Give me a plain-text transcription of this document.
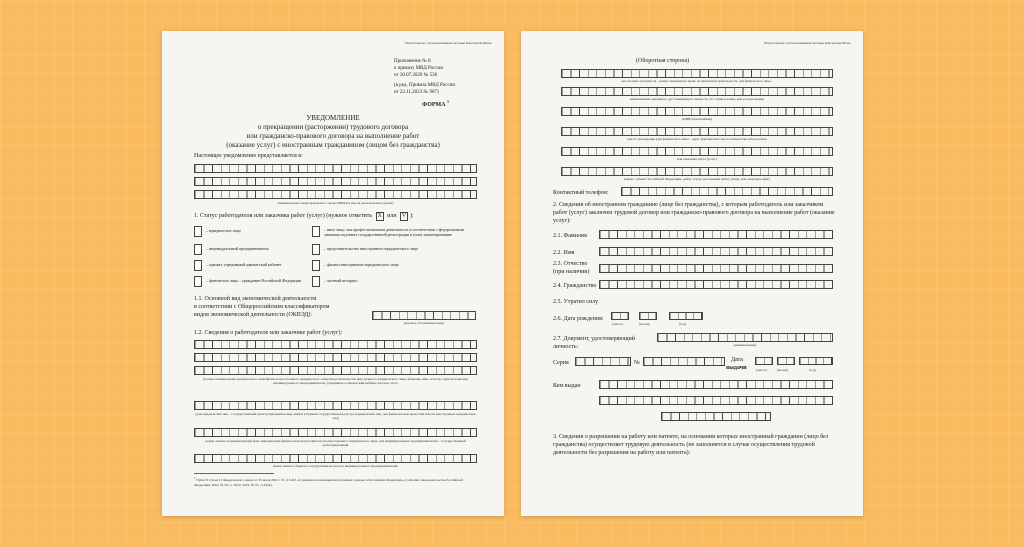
Подготовлено с использованием системы КонсультантПлюс
Приложение № 8
к приказу МВД России
от 30.07.2020 № 536
(в ред. Приказа МВД России
от 22.11.2023 № 987)
ФОРМА $^1$
УВЕДОМЛЕНИЕ
о прекращении (расторжении) трудового договора
или гражданско-правового договора на выполнение работ
(оказание услуг) с иностранным гражданином (лицом без гражданства)
Настоящее уведомление представляется в:
(наименование территориального органа МВД России на региональном уровне)
1. Статус работодателя или заказчика работ (услуг) (нужное отметить X или V ):
– юридическое лицо	– иное лицо, чья профессиональная деятельность в соответствии с федеральными законами подлежит государственной регистрации и (или) лицензированию
– индивидуальный предприниматель	– представительство иностранного юридического лица
– адвокат, учредивший адвокатский кабинет	– филиал иностранного юридического лица
– физическое лицо – гражданин Российской Федерации	– частный нотариус
1.1. Основной вид экономической деятельности
в соответствии с Общероссийским классификатором
видов экономической деятельности (ОКВЭД):
(кодовое обозначение вида)
1.2. Сведения о работодателе или заказчике работ (услуг):
(полное наименование юридического лица/филиала иностранного юридического лица/представительства иностранного юридического лица, фамилия, имя, отчество (при их наличии) индивидуального предпринимателя, учредившего адвокатский кабинет/частного нота
(для юридических лиц – государственный регистрационный номер записи в Едином государственном реестре юридических лиц, для филиалов или представительств иностранных юридических лиц)
номер записи, подтверждающей факт аккредитации филиала или представительства иностранного юридического лица, для индивидуальных предпринимателей – государственный регистрационный
номер записи в Едином государственном реестре индивидуальных предпринимателей,
$^1$ Пункт 8 статьи 13 Федерального закона от 25 июля 2002 г. № 115-ФЗ «О правовом положении иностранных граждан в Российской Федерации» (Собрание законодательства Российской Федерации, 2002, № 30, ст. 3032; 2019, № 33, ст.4454).
Подготовлено с использованием системы КонсультантПлюс
(Оборотная сторона)
для частных нотариусов – номер лицензии на право нотариальной деятельности, для физического лица –
наименование документа, удостоверяющего личность, его серия и номер, кем и когда выдан)
(ИНН (при наличии)
(место нахождения (для физического лица – адрес фактического места жительства работодателя
или заказчика работ (услуг)
индекс, субъект Российской Федерации, район, город, населенный пункт, улица, дом, квартира/офис)
Контактный телефон:
2. Сведения об иностранном гражданине (лице без гражданства), с которым работодатель или заказчиком работ (услуг) заключен трудовой договор или гражданско-правового договора на выполнение работ (оказание услуг):
2.1. Фамилия
2.2. Имя
2.3. Отчество
(при наличии)
2.4. Гражданство
2.5. Утратил силу
2.6. Дата рождения:
(число)	(месяц)	(год)
2.7. Документ, удостоверяющий
личность:	(наименование)
Серия	№	Дата
выдачи	(число)	(месяц)	(год)
Кем выдан
3. Сведения о разрешении на работу или патенте, на основании которых иностранный гражданин (лицо без гражданства) осуществляет трудовую деятельность (не заполняется в случае осуществления трудовой деятельности без разрешения на работу или патента):
